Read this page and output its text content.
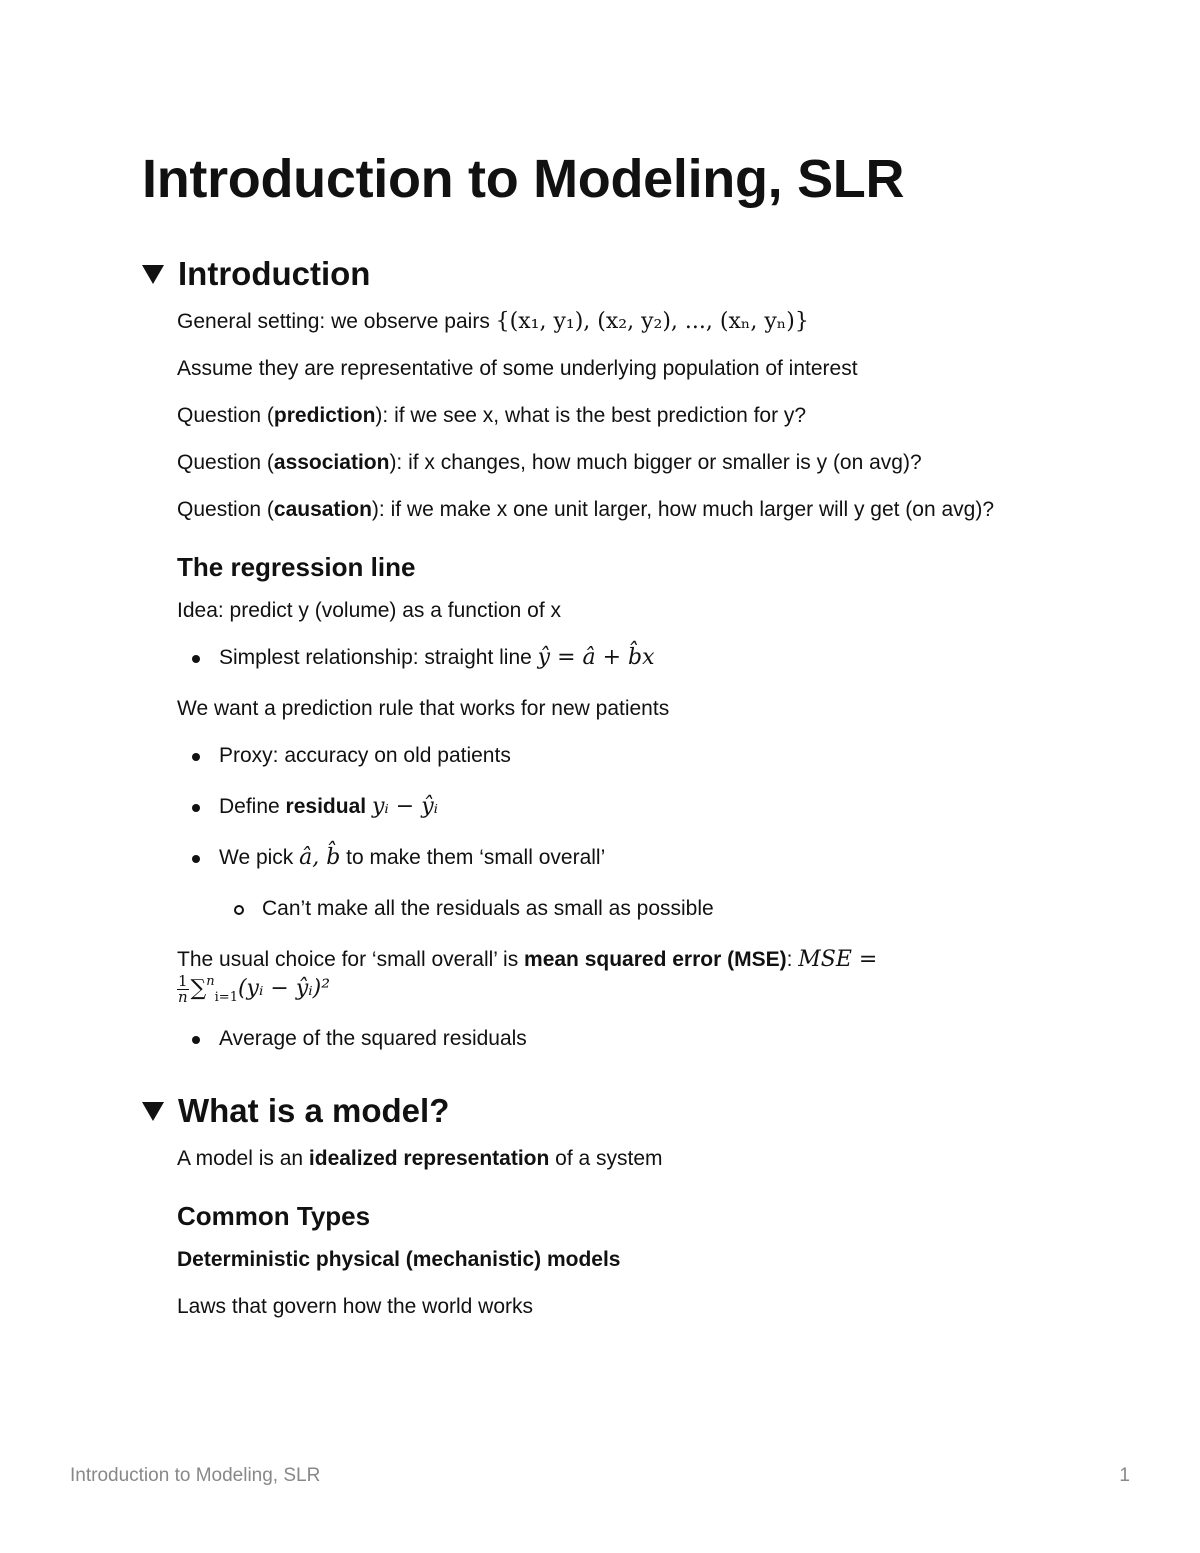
Introduction to Modeling, SLR
Introduction

General setting: we observe pairs {(x₁, y₁), (x₂, y₂), ..., (xₙ, yₙ)}

Assume they are representative of some underlying population of interest

Question (prediction): if we see x, what is the best prediction for y?

Question (association): if x changes, how much bigger or smaller is y (on avg)?

Question (causation): if we make x one unit larger, how much larger will y get (on avg)?

The regression line

Idea: predict y (volume) as a function of x

Simplest relationship: straight line ŷ = â + b̂x

We want a prediction rule that works for new patients

Proxy: accuracy on old patients
Define residual yᵢ − ŷᵢ
We pick â, b̂ to make them ‘small overall’
Can’t make all the residuals as small as possible

The usual choice for ‘small overall’ is mean squared error (MSE): MSE =

$\frac{1}{n}$ ∑$^n_{i=1}$(yᵢ − ŷᵢ)²

Average of the squared residuals
What is a model?

A model is an idealized representation of a system

Common Types
Deterministic physical (mechanistic) models

Laws that govern how the world works

Introduction to Modeling, SLR	1
